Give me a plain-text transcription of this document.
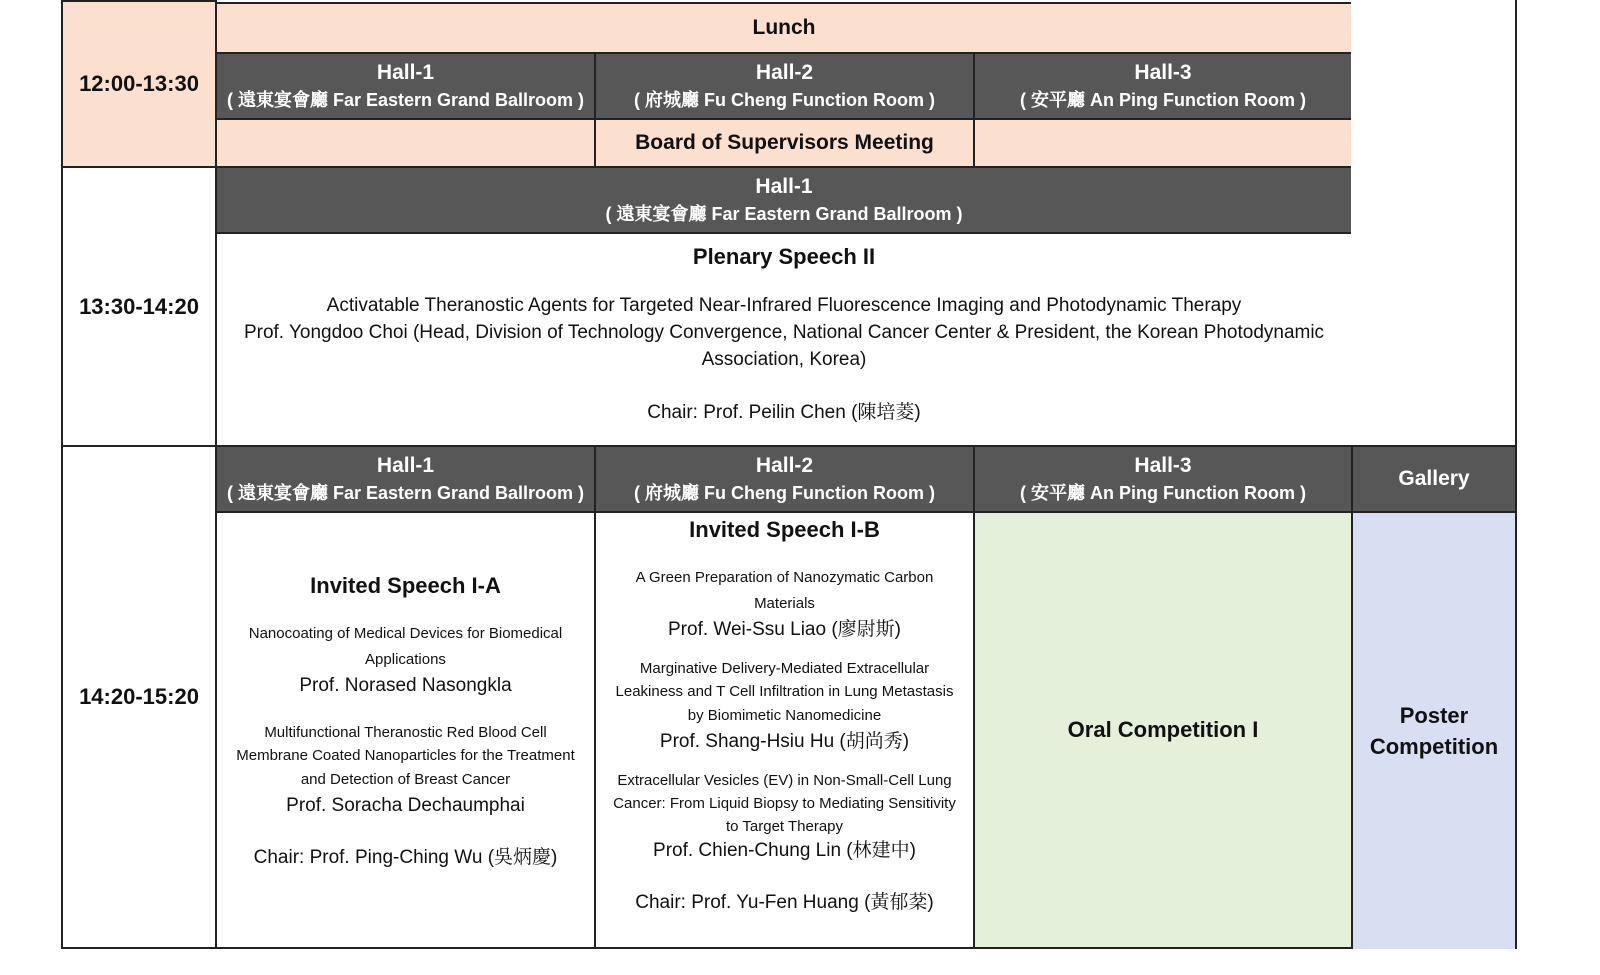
12:00-13:30
Lunch
Hall-1
( 遠東宴會廳 Far Eastern Grand Ballroom )
Hall-2
( 府城廳 Fu Cheng Function Room )
Hall-3
( 安平廳 An Ping Function Room )
Board of Supervisors Meeting
13:30-14:20
Hall-1
( 遠東宴會廳 Far Eastern Grand Ballroom )
Plenary Speech II
Activatable Theranostic Agents for Targeted Near-Infrared Fluorescence Imaging and Photodynamic Therapy
Prof. Yongdoo Choi (Head, Division of Technology Convergence, National Cancer Center & President, the Korean Photodynamic
Association, Korea)
Chair: Prof. Peilin Chen (陳培菱)
14:20-15:20
Hall-1
( 遠東宴會廳 Far Eastern Grand Ballroom )
Hall-2
( 府城廳 Fu Cheng Function Room )
Hall-3
( 安平廳 An Ping Function Room )
Gallery
Invited Speech I-A
Nanocoating of Medical Devices for Biomedical
Applications
Prof. Norased Nasongkla
Multifunctional Theranostic Red Blood Cell
Membrane Coated Nanoparticles for the Treatment
and Detection of Breast Cancer
Prof. Soracha Dechaumphai
Chair: Prof. Ping-Ching Wu (吳炳慶)
Invited Speech I-B
A Green Preparation of Nanozymatic Carbon
Materials
Prof. Wei-Ssu Liao (廖尉斯)
Marginative Delivery-Mediated Extracellular
Leakiness and T Cell Infiltration in Lung Metastasis
by Biomimetic Nanomedicine
Prof. Shang-Hsiu Hu (胡尚秀)
Extracellular Vesicles (EV) in Non-Small-Cell Lung
Cancer: From Liquid Biopsy to Mediating Sensitivity
to Target Therapy
Prof. Chien-Chung Lin (林建中)
Chair: Prof. Yu-Fen Huang (黃郁棻)
Oral Competition I
Poster
Competition
